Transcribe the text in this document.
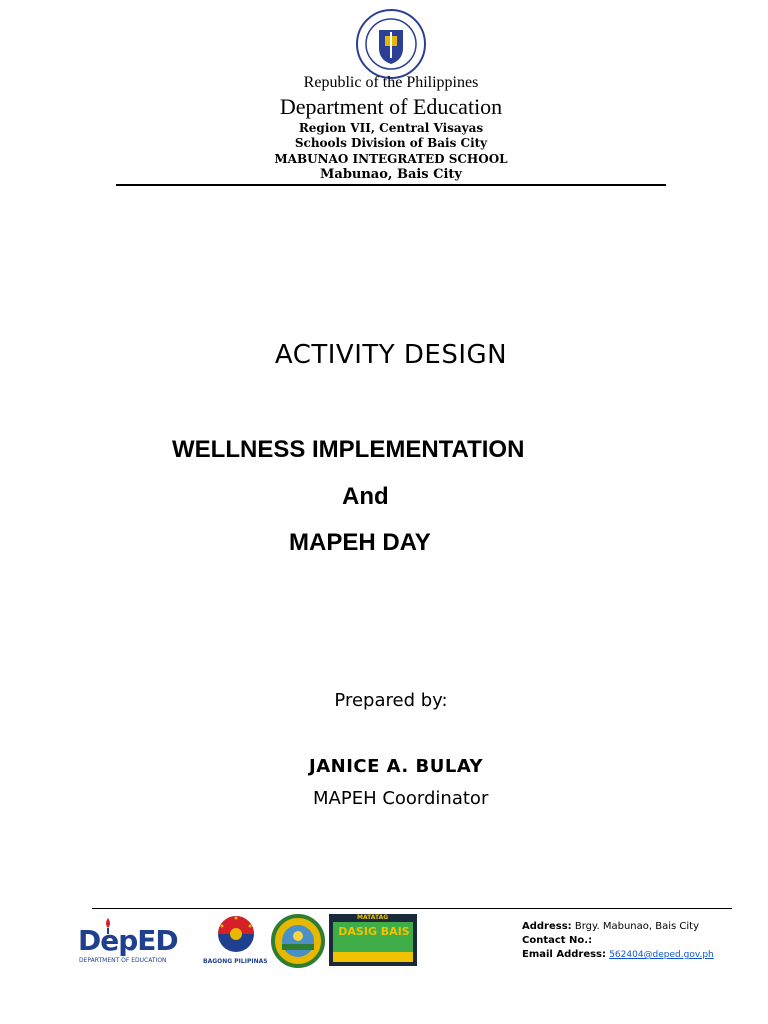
Republic of the Philippines
Department of Education
Region VII, Central Visayas
Schools Division of Bais City
MABUNAO INTEGRATED SCHOOL
Mabunao, Bais City
ACTIVITY DESIGN
WELLNESS IMPLEMENTATION
And
MAPEH DAY
Prepared by:
JANICE A. BULAY
MAPEH Coordinator
DepED
DEPARTMENT OF EDUCATION	BAGONG PILIPINAS
MATATAG
DASIG BAIS	Address: Brgy. Mabunao, Bais City
Contact No.:
Email Address: 562404@deped.gov.ph
